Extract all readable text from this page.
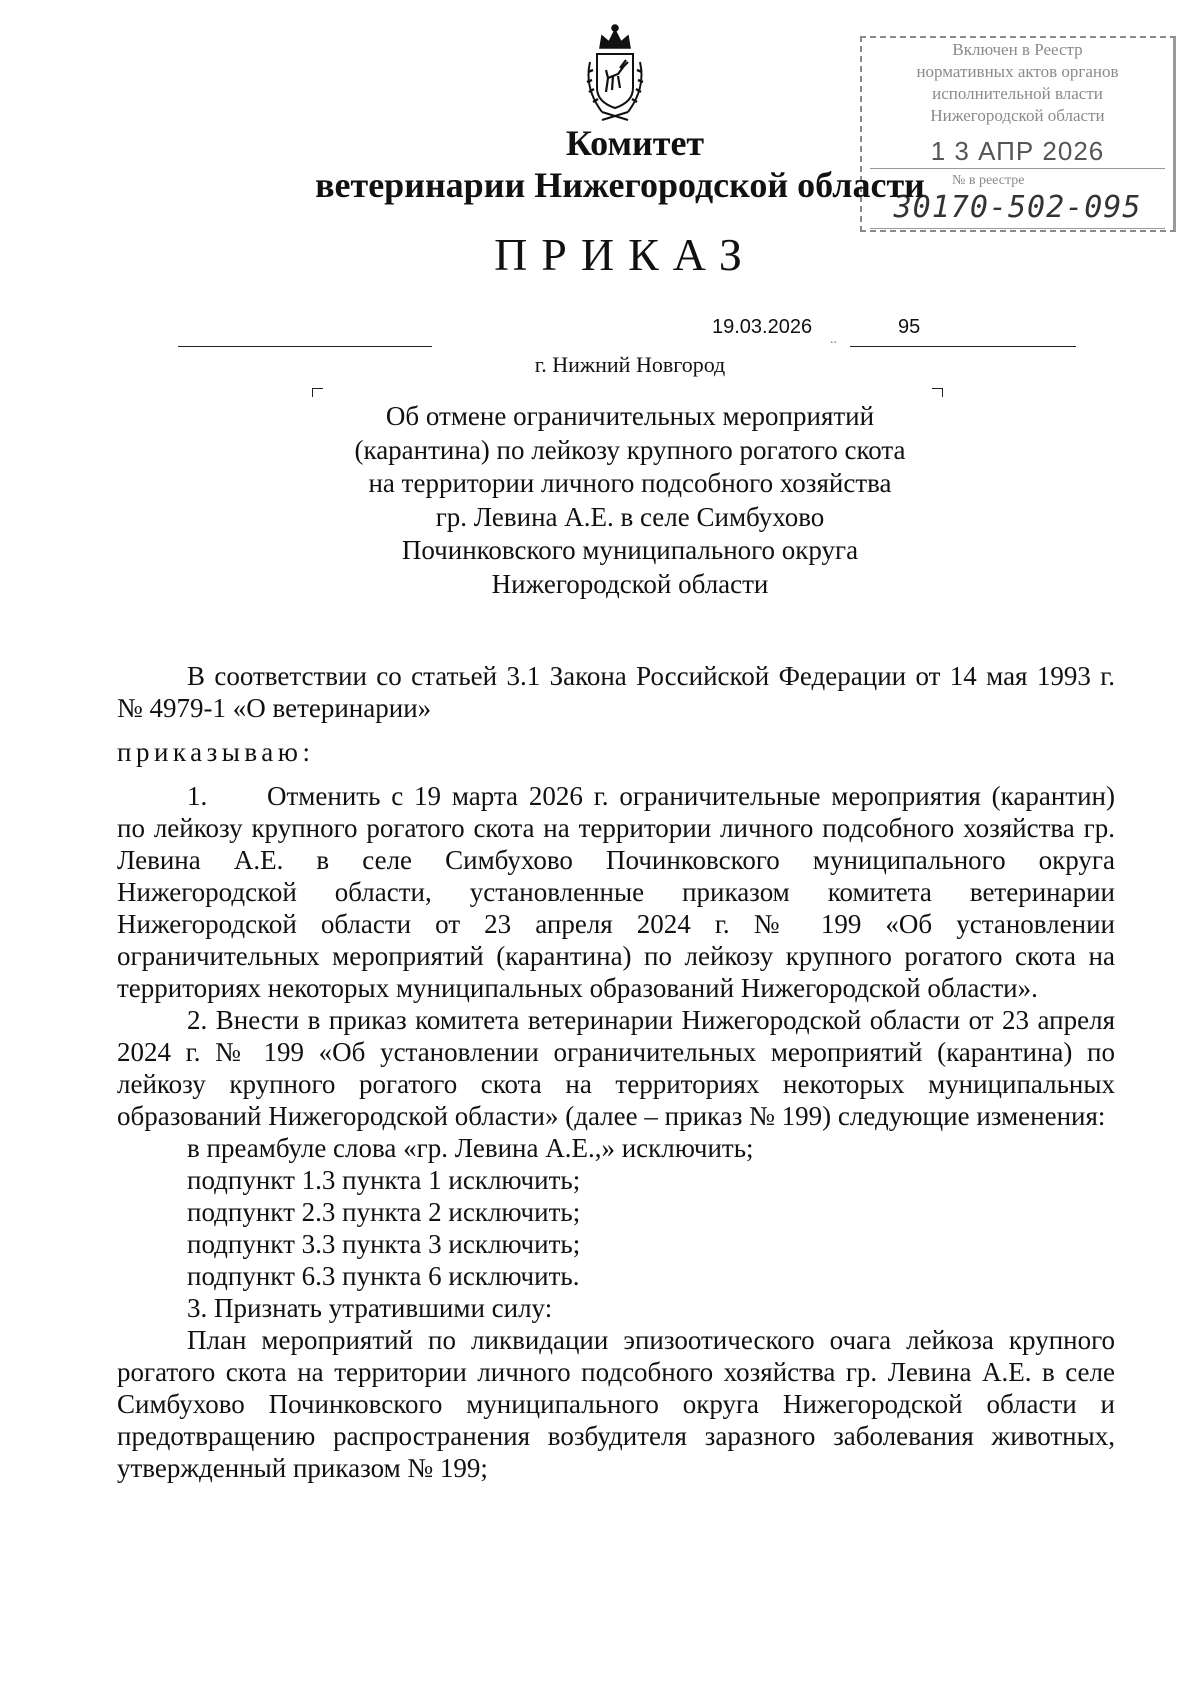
Включен в Реестр
нормативных актов органов
исполнительной власти
Нижегородской области
1 3 АПР 2026
№ в реестре
30170-502-095
Комитет
ветеринарии Нижегородской области
ПРИКАЗ
19.03.2026
..
95
г. Нижний Новгород
Об отмене ограничительных мероприятий
(карантина) по лейкозу крупного рогатого скота
на территории личного подсобного хозяйства
гр. Левина А.Е. в селе Симбухово
Починковского муниципального округа
Нижегородской области

В соответствии со статьей 3.1 Закона Российской Федерации от 14 мая 1993 г. № 4979-1 «О ветеринарии»

приказываю:

1. Отменить с 19 марта 2026 г. ограничительные мероприятия (карантин) по лейкозу крупного рогатого скота на территории личного подсобного хозяйства гр. Левина А.Е. в селе Симбухово Починковского муниципального округа Нижегородской области, установленные приказом комитета ветеринарии Нижегородской области от 23 апреля 2024 г. № 199 «Об установлении ограничительных мероприятий (карантина) по лейкозу крупного рогатого скота на территориях некоторых муниципальных образований Нижегородской области».

2. Внести в приказ комитета ветеринарии Нижегородской области от 23 апреля 2024 г. № 199 «Об установлении ограничительных мероприятий (карантина) по лейкозу крупного рогатого скота на территориях некоторых муниципальных образований Нижегородской области» (далее – приказ № 199) следующие изменения:

в преамбуле слова «гр. Левина А.Е.,» исключить;

подпункт 1.3 пункта 1 исключить;

подпункт 2.3 пункта 2 исключить;

подпункт 3.3 пункта 3 исключить;

подпункт 6.3 пункта 6 исключить.

3. Признать утратившими силу:

План мероприятий по ликвидации эпизоотического очага лейкоза крупного рогатого скота на территории личного подсобного хозяйства гр. Левина А.Е. в селе Симбухово Починковского муниципального округа Нижегородской области и предотвращению распространения возбудителя заразного заболевания животных, утвержденный приказом № 199;
